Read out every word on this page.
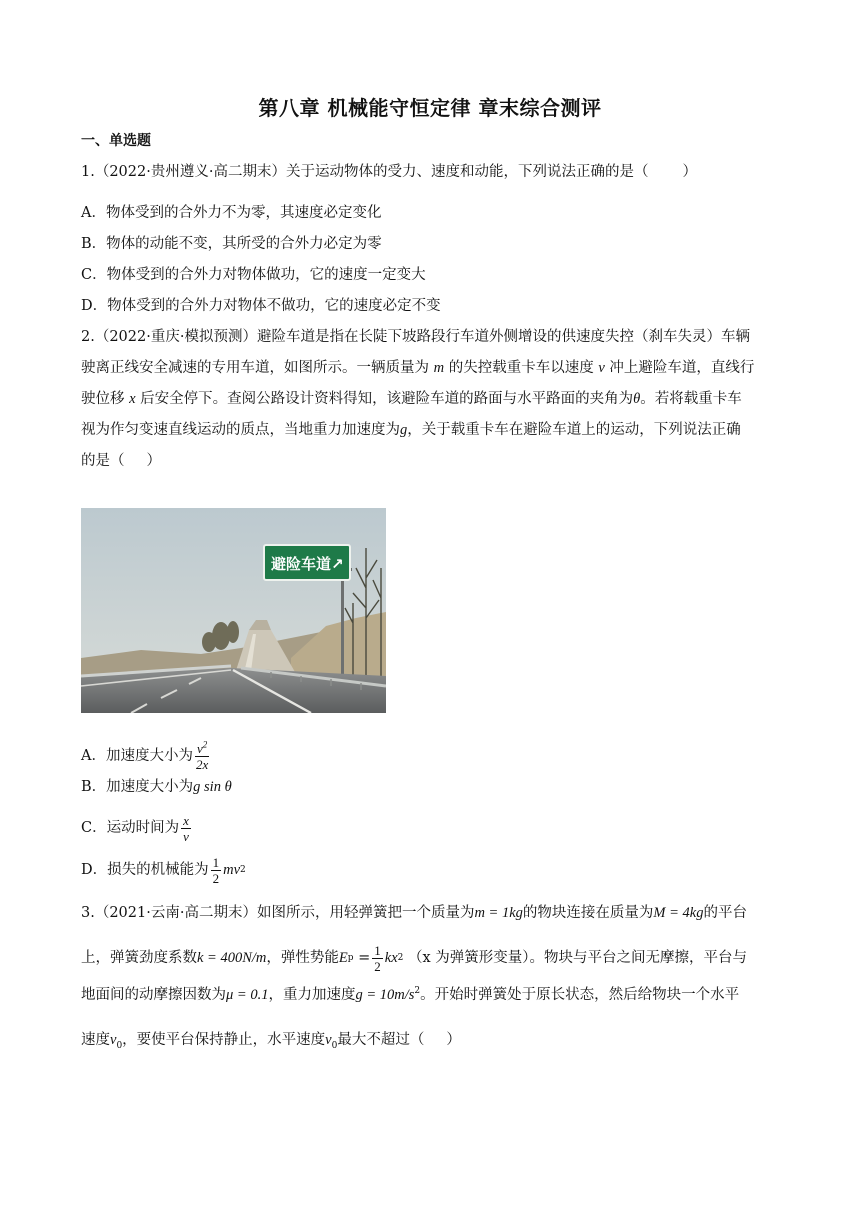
第八章 机械能守恒定律 章末综合测评
一、单选题
1.（2022·贵州遵义·高二期末）关于运动物体的受力、速度和动能，下列说法正确的是（ ）
A．物体受到的合外力不为零，其速度必定变化
B．物体的动能不变，其所受的合外力必定为零
C．物体受到的合外力对物体做功，它的速度一定变大
D．物体受到的合外力对物体不做功，它的速度必定不变
2.（2022·重庆·模拟预测）避险车道是指在长陡下坡路段行车道外侧增设的供速度失控（刹车失灵）车辆
驶离正线安全减速的专用车道，如图所示。一辆质量为 m 的失控载重卡车以速度 v 冲上避险车道，直线行
驶位移 x 后安全停下。查阅公路设计资料得知，该避险车道的路面与水平路面的夹角为θ。若将载重卡车
视为作匀变速直线运动的质点，当地重力加速度为g，关于载重卡车在避险车道上的运动，下列说法正确
的是（ ）
避险车道 ↗
A．加速度大小为 $\frac{v^2}{2x}$
B．加速度大小为g sin θ
C．运动时间为 $\frac{x}{v}$
D．损失的机械能为 $\frac{1}{2}$ mv 2
3.（2021·云南·高二期末）如图所示，用轻弹簧把一个质量为m = 1kg的物块连接在质量为M = 4kg的平台
上，弹簧劲度系数 k = 400N/m ，弹性势能 E p
= $\frac{1}{2}$ kx 2
（x 为弹簧形变量）。物块与平台之间无摩擦，平台与
地面间的动摩擦因数为μ = 0.1，重力加速度$g = 10m/s^2$。开始时弹簧处于原长状态，然后给物块一个水平
速度$v_0$，要使平台保持静止，水平速度$v_0$最大不超过（ ）
